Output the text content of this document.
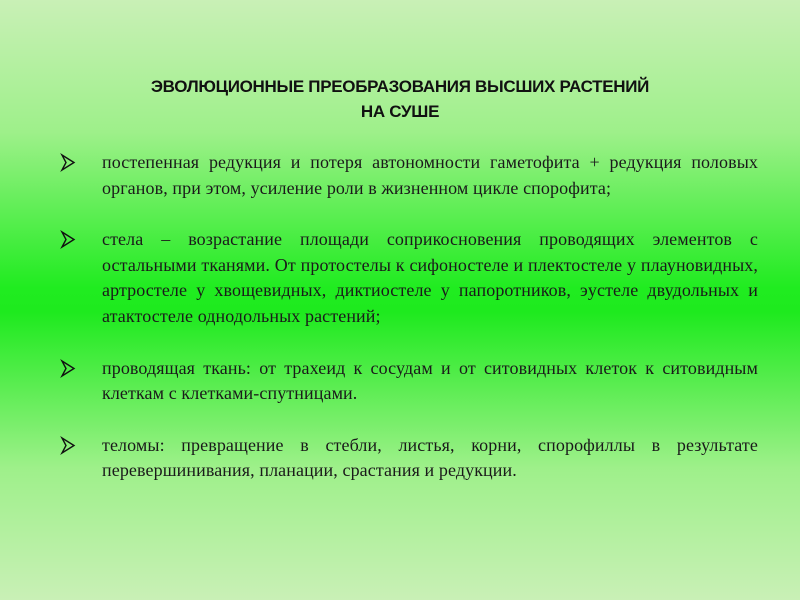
ЭВОЛЮЦИОННЫЕ ПРЕОБРАЗОВАНИЯ ВЫСШИХ РАСТЕНИЙ
НА СУШЕ
постепенная редукция и потеря автономности гаметофита + редукция половых органов, при этом, усиление роли в жизненном цикле спорофита;
стела – возрастание площади соприкосновения проводящих элементов с остальными тканями. От протостелы к сифоностеле и плектостеле у плауновидных, артростеле у хвощевидных, диктиостеле у папоротников, эустеле двудольных и атактостеле однодольных растений;
проводящая ткань: от трахеид к сосудам и от ситовидных клеток к ситовидным клеткам с клетками-спутницами.
теломы: превращение в стебли, листья, корни, спорофиллы в результате перевершинивания, планации, срастания и редукции.
